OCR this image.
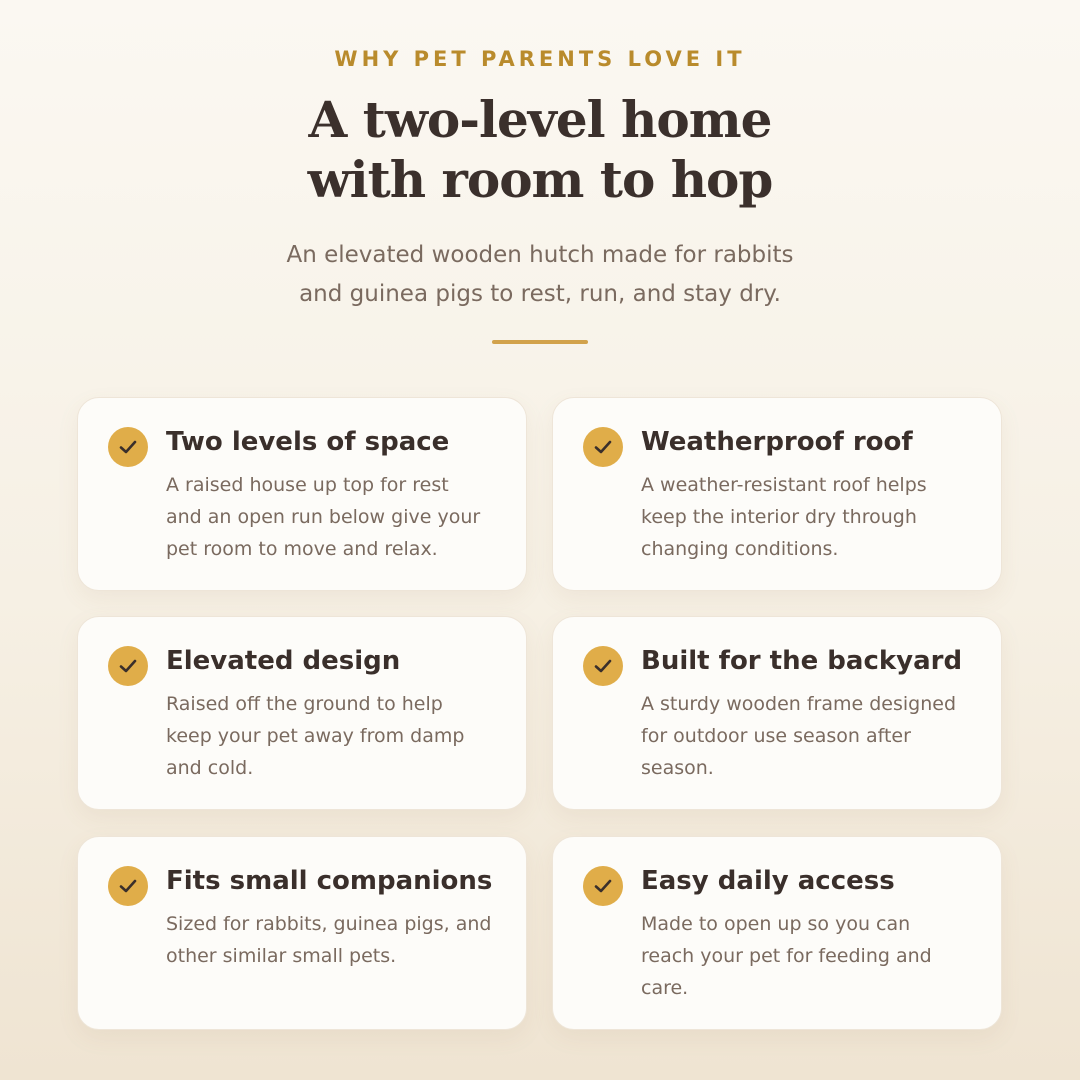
WHY PET PARENTS LOVE IT
A two-level home
with room to hop
An elevated wooden hutch made for rabbits
and guinea pigs to rest, run, and stay dry.
Two levels of space
A raised house up top for rest
and an open run below give your
pet room to move and relax.
Weatherproof roof
A weather-resistant roof helps
keep the interior dry through
changing conditions.
Elevated design
Raised off the ground to help
keep your pet away from damp
and cold.
Built for the backyard
A sturdy wooden frame designed
for outdoor use season after
season.
Fits small companions
Sized for rabbits, guinea pigs, and
other similar small pets.
Easy daily access
Made to open up so you can
reach your pet for feeding and
care.
